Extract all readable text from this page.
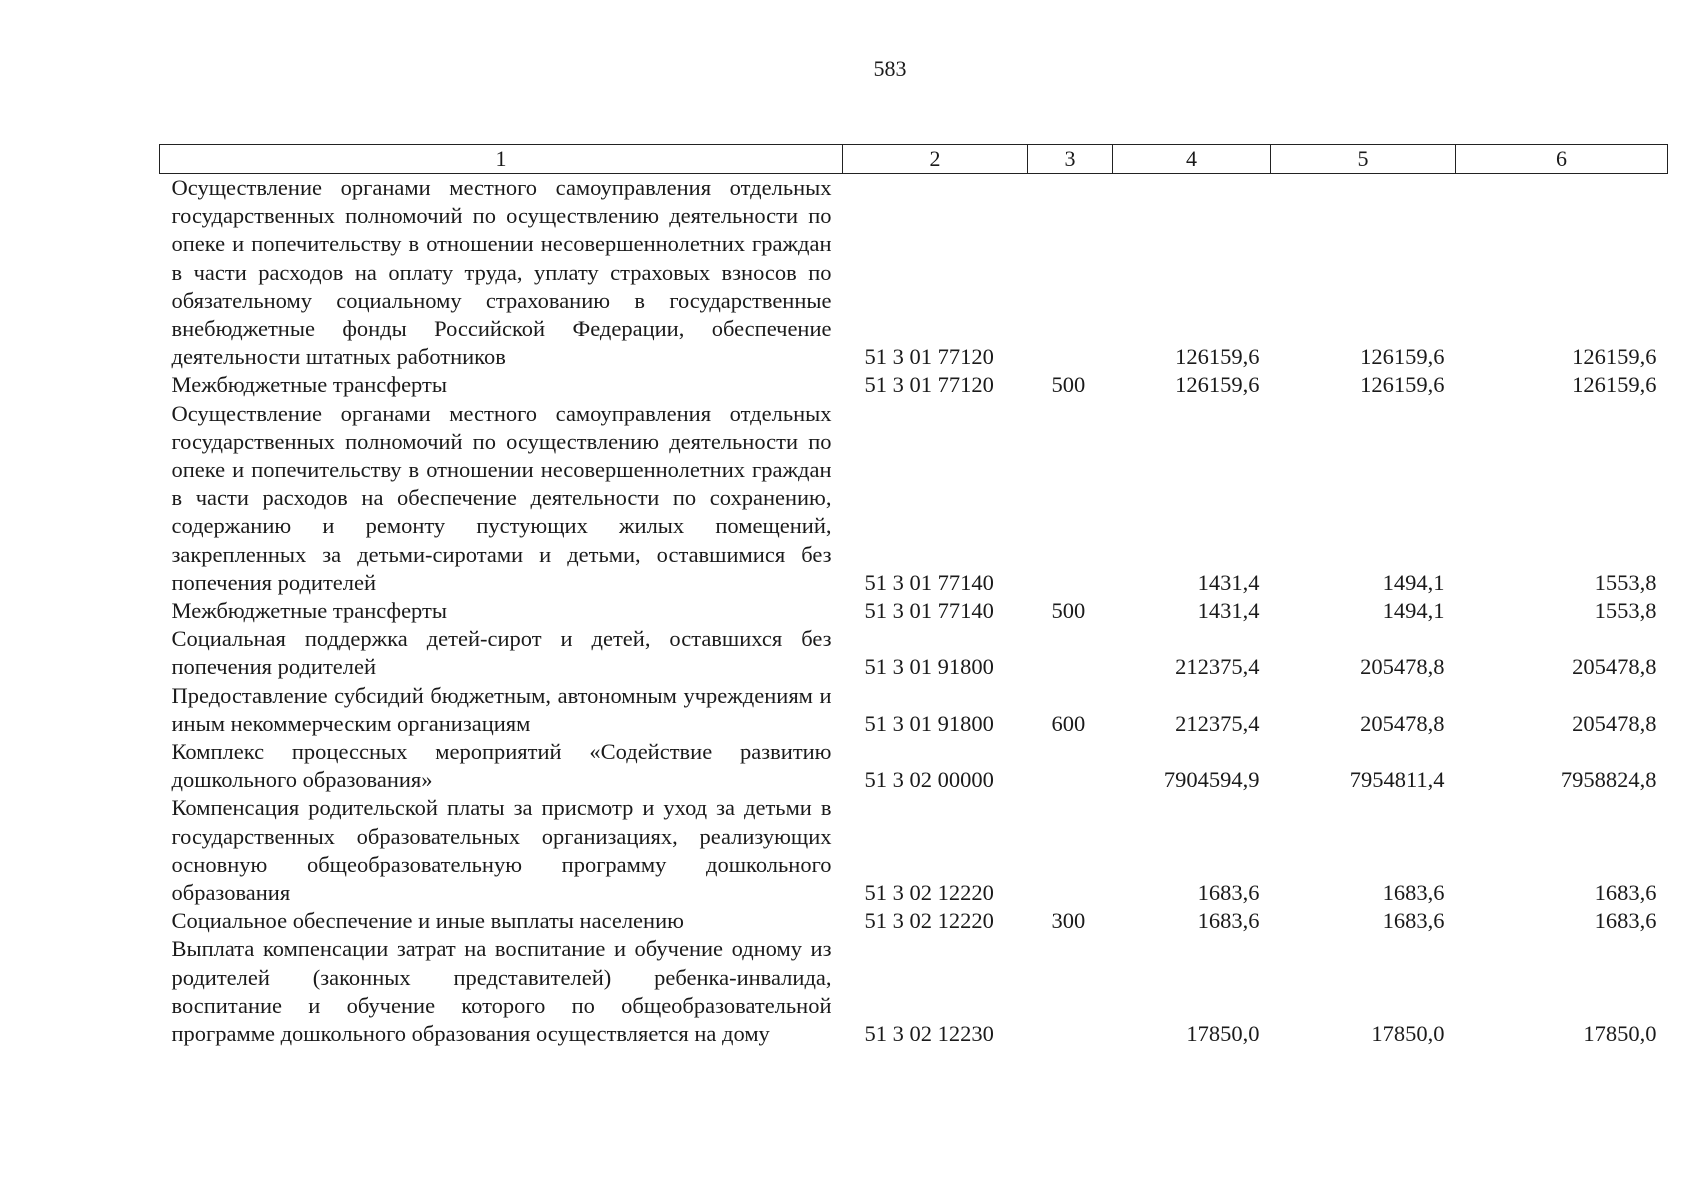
583
1	2	3	4	5	6
Осуществление органами местного самоуправления отдельных государственных полномочий по осуществлению деятельности по опеке и попечительству в отношении несовершеннолетних граждан в части расходов на оплату труда, уплату страховых взносов по обязательному социальному страхованию в государственные внебюджетные фонды Российской Федерации, обеспечение деятельности штатных работников	51 3 01 77120		126159,6	126159,6	126159,6
Межбюджетные трансферты	51 3 01 77120	500	126159,6	126159,6	126159,6
Осуществление органами местного самоуправления отдельных государственных полномочий по осуществлению деятельности по опеке и попечительству в отношении несовершеннолетних граждан в части расходов на обеспечение деятельности по сохранению, содержанию и ремонту пустующих жилых помещений, закрепленных за детьми-сиротами и детьми, оставшимися без попечения родителей	51 3 01 77140		1431,4	1494,1	1553,8
Межбюджетные трансферты	51 3 01 77140	500	1431,4	1494,1	1553,8
Социальная поддержка детей-сирот и детей, оставшихся без попечения родителей	51 3 01 91800		212375,4	205478,8	205478,8
Предоставление субсидий бюджетным, автономным учреждениям и иным некоммерческим организациям	51 3 01 91800	600	212375,4	205478,8	205478,8
Комплекс процессных мероприятий «Содействие развитию дошкольного образования»	51 3 02 00000		7904594,9	7954811,4	7958824,8
Компенсация родительской платы за присмотр и уход за детьми в государственных образовательных организациях, реализующих основную общеобразовательную программу дошкольного образования	51 3 02 12220		1683,6	1683,6	1683,6
Социальное обеспечение и иные выплаты населению	51 3 02 12220	300	1683,6	1683,6	1683,6
Выплата компенсации затрат на воспитание и обучение одному из родителей (законных представителей) ребенка-инвалида, воспитание и обучение которого по общеобразовательной программе дошкольного образования осуществляется на дому	51 3 02 12230		17850,0	17850,0	17850,0
